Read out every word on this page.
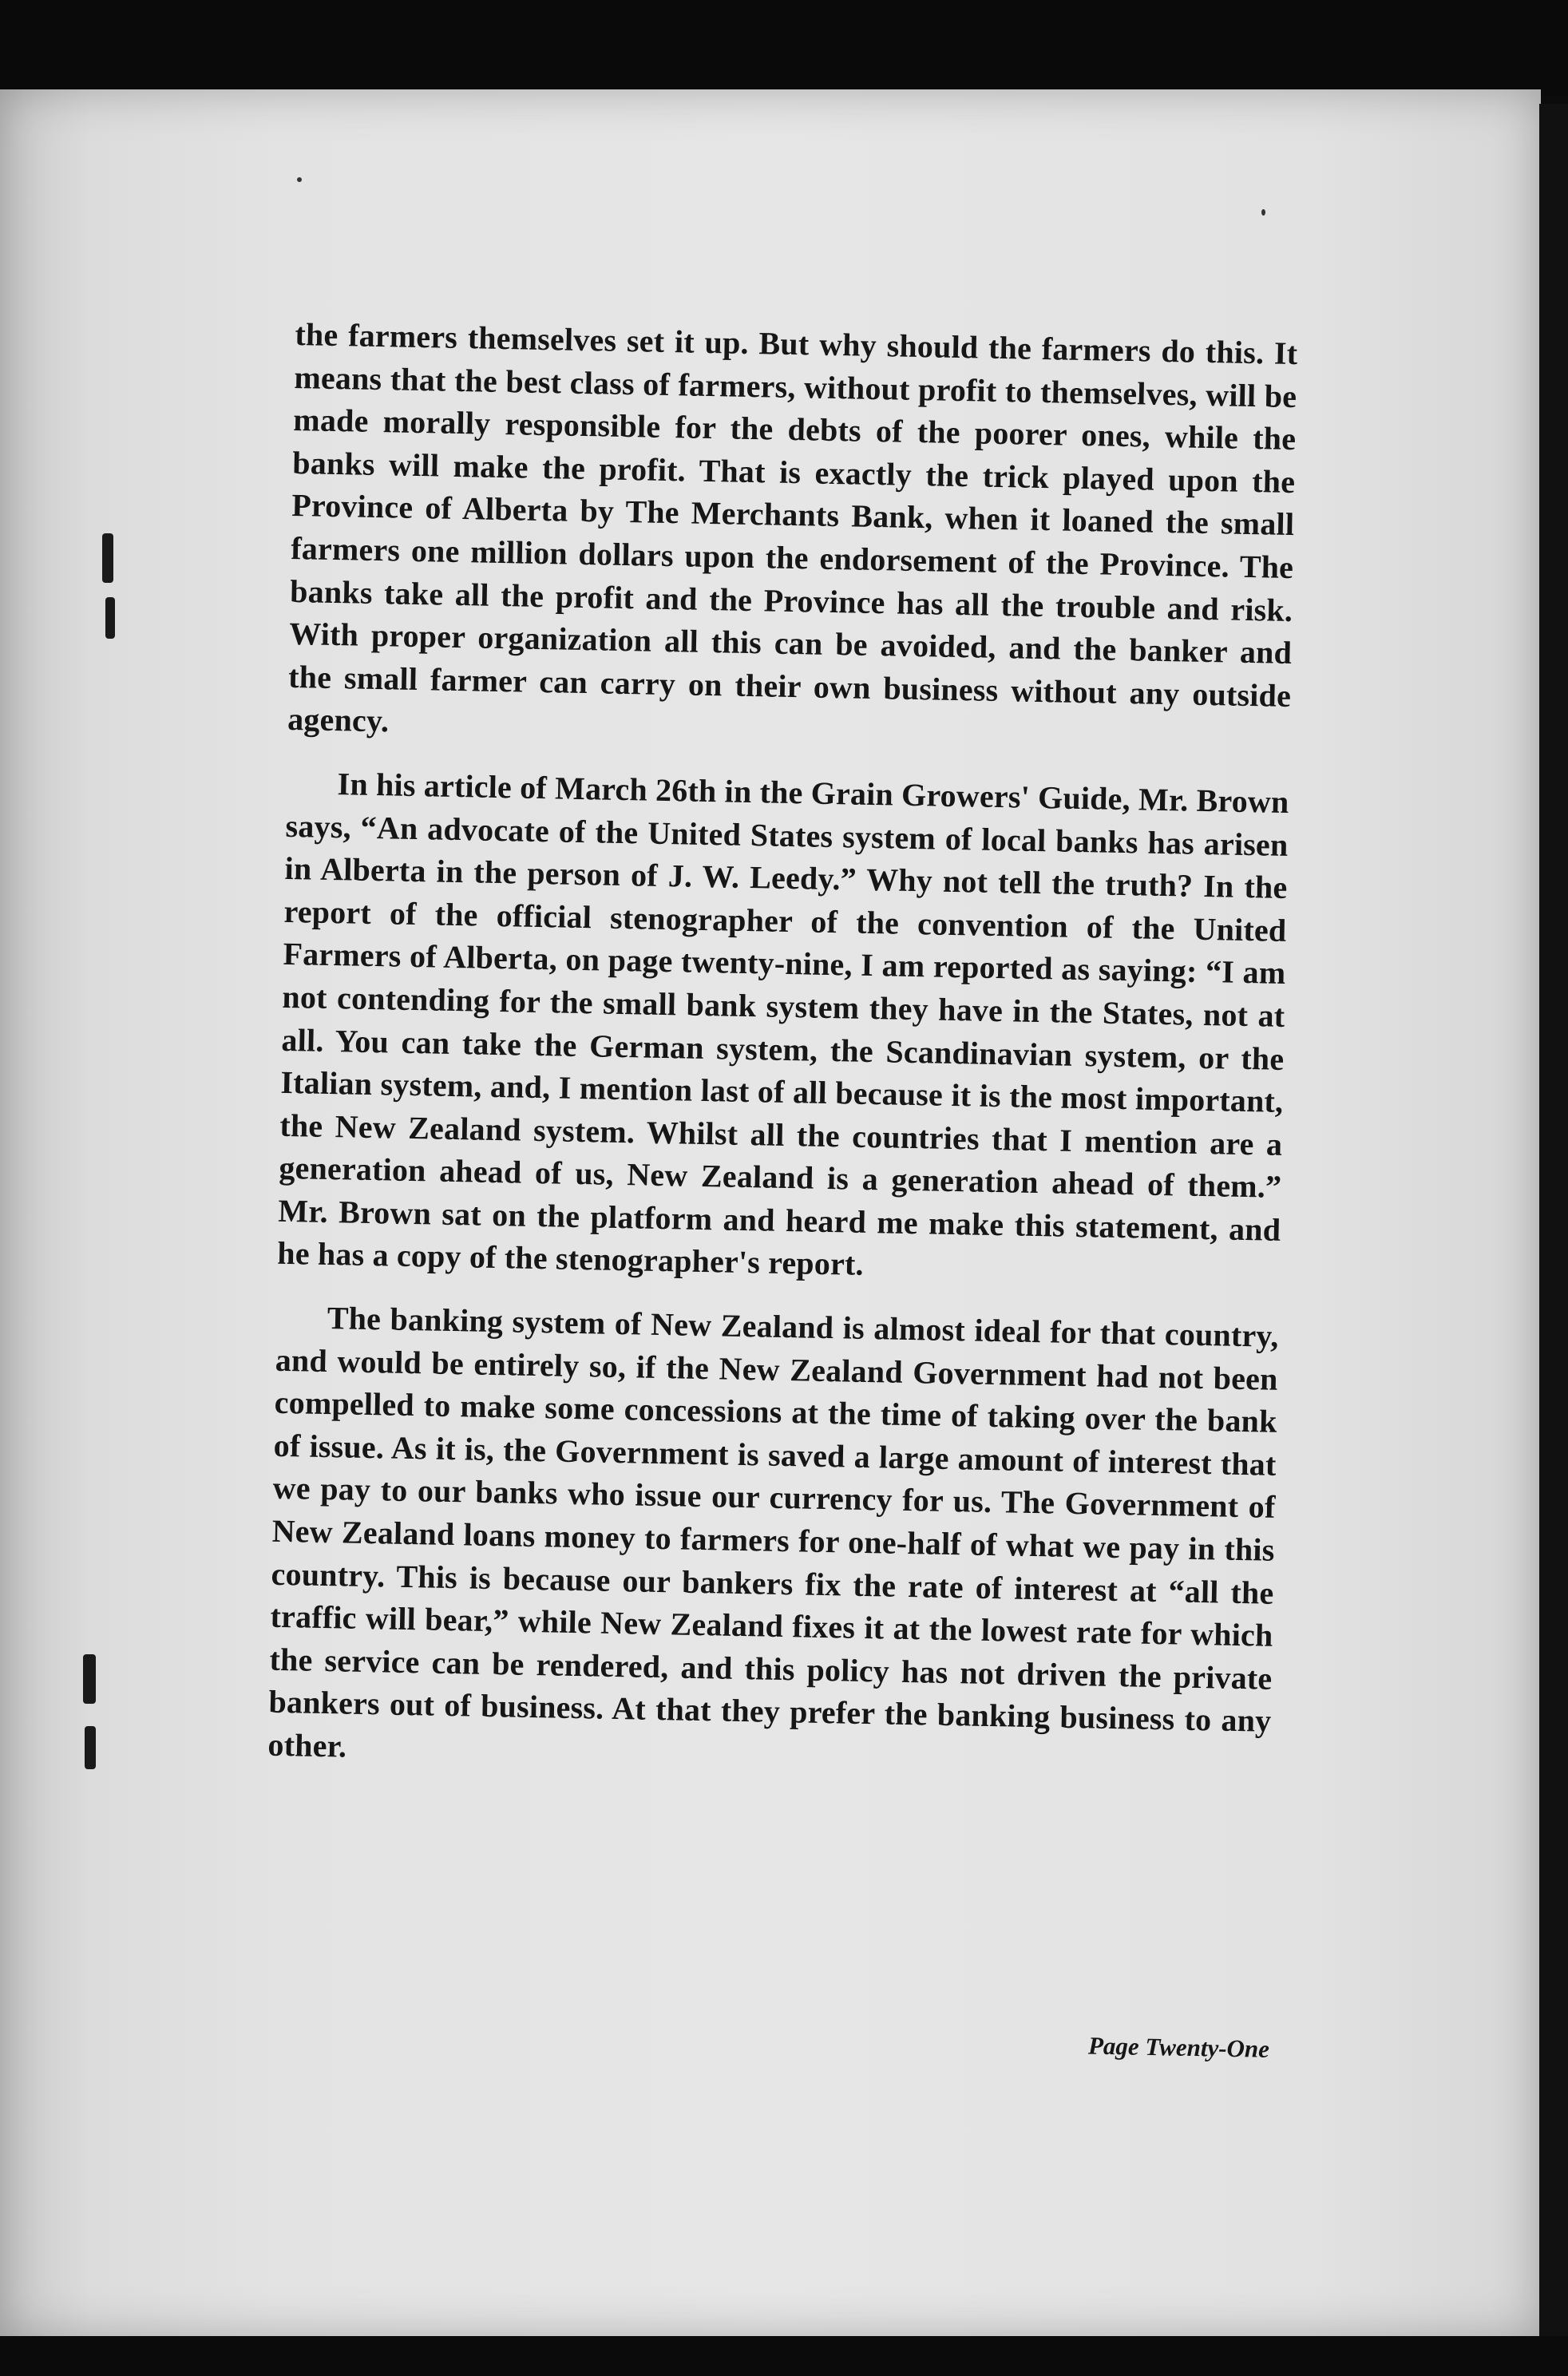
the farmers themselves set it up. But why should the farmers do this. It means that the best class of farmers, without profit to themselves, will be made morally responsible for the debts of the poorer ones, while the banks will make the profit. That is exactly the trick played upon the Province of Alberta by The Merchants Bank, when it loaned the small farmers one million dollars upon the endorsement of the Province. The banks take all the profit and the Province has all the trouble and risk. With proper organization all this can be avoided, and the banker and the small farmer can carry on their own business without any outside agency.

In his article of March 26th in the Grain Growers' Guide, Mr. Brown says, “An advocate of the United States system of local banks has arisen in Alberta in the person of J. W. Leedy.” Why not tell the truth? In the report of the official stenographer of the convention of the United Farmers of Alberta, on page twenty-nine, I am reported as saying: “I am not contending for the small bank system they have in the States, not at all. You can take the German system, the Scandinavian system, or the Italian system, and, I mention last of all because it is the most important, the New Zealand system. Whilst all the countries that I mention are a generation ahead of us, New Zealand is a generation ahead of them.” Mr. Brown sat on the platform and heard me make this statement, and he has a copy of the stenographer's report.

The banking system of New Zealand is almost ideal for that country, and would be entirely so, if the New Zealand Government had not been compelled to make some concessions at the time of taking over the bank of issue. As it is, the Government is saved a large amount of interest that we pay to our banks who issue our currency for us. The Government of New Zealand loans money to farmers for one-half of what we pay in this country. This is because our bankers fix the rate of interest at “all the traffic will bear,” while New Zealand fixes it at the lowest rate for which the service can be rendered, and this policy has not driven the private bankers out of business. At that they prefer the banking business to any other.

Page Twenty-One
